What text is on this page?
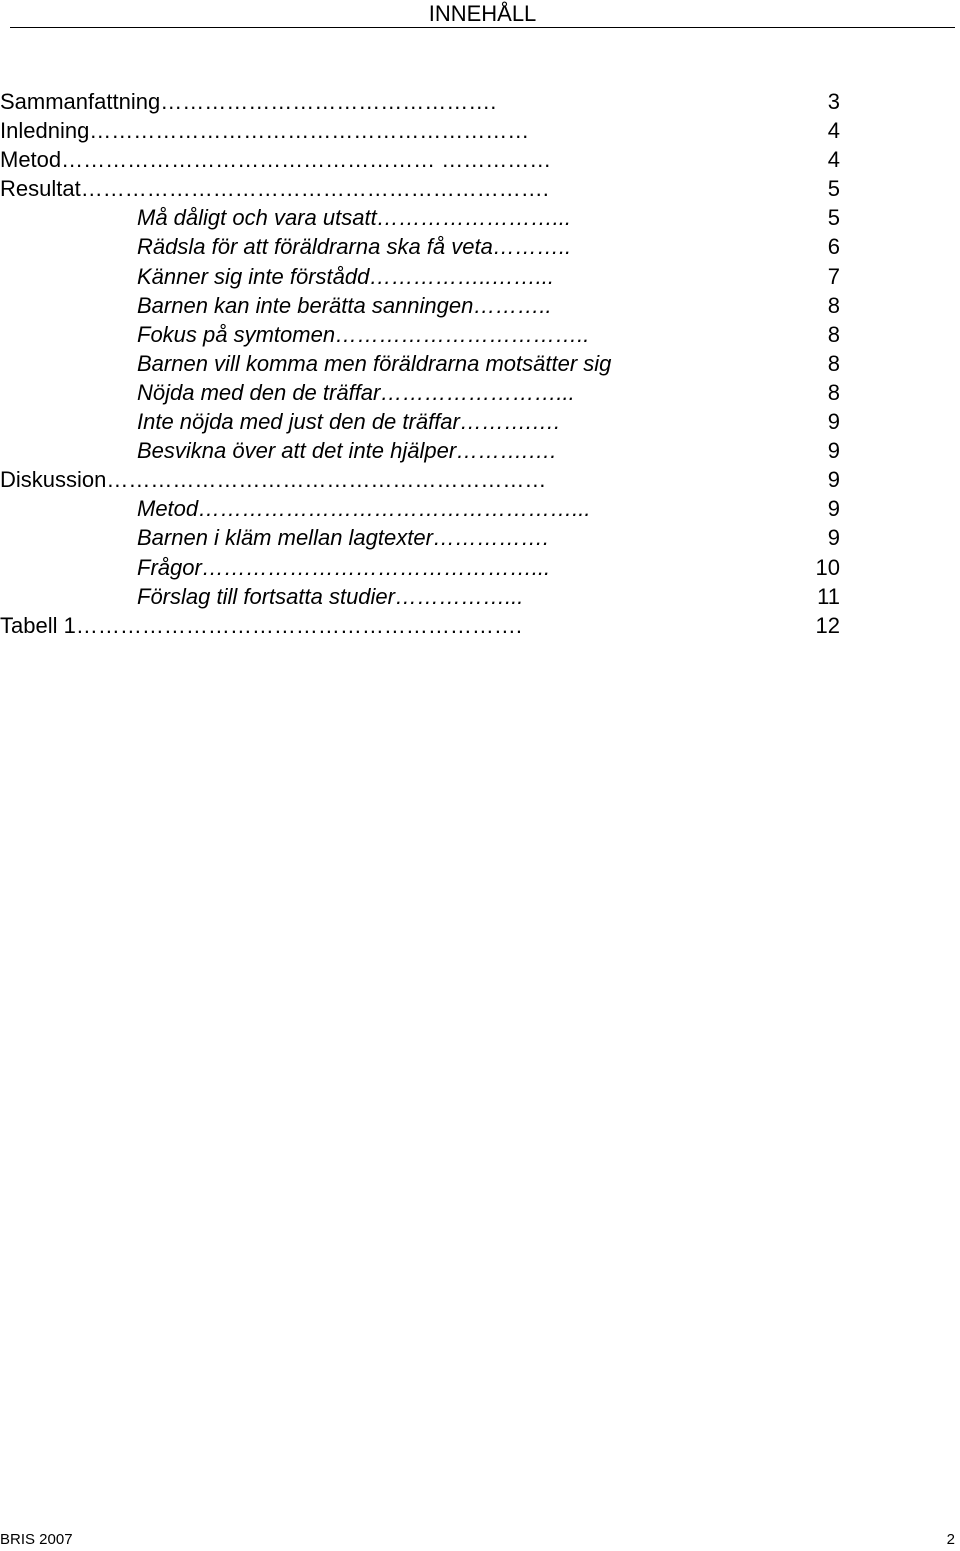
INNEHÅLL
Sammanfattning……………………………………….	3
Inledning……………………………………………………	4
Metod…………………………………………… ……………	4
Resultat……………………………………………………….	5
Må dåligt och vara utsatt……………………...	5
Rädsla för att föräldrarna ska få veta………..	6
Känner sig inte förstådd……………..……...	7
Barnen kan inte berätta sanningen………..	8
Fokus på symtomen……………………………..	8
Barnen vill komma men föräldrarna motsätter sig	8
Nöjda med den de träffar……………………...	8
Inte nöjda med just den de träffar……….….	9
Besvikna över att det inte hjälper……….….	9
Diskussion……………………………………………………	9
Metod……………………………………………...	9
Barnen i kläm mellan lagtexter…………….	9
Frågor………………………………………...	10
Förslag till fortsatta studier……………...	11
Tabell 1…………………………………………………….	12
BRIS 2007	2
